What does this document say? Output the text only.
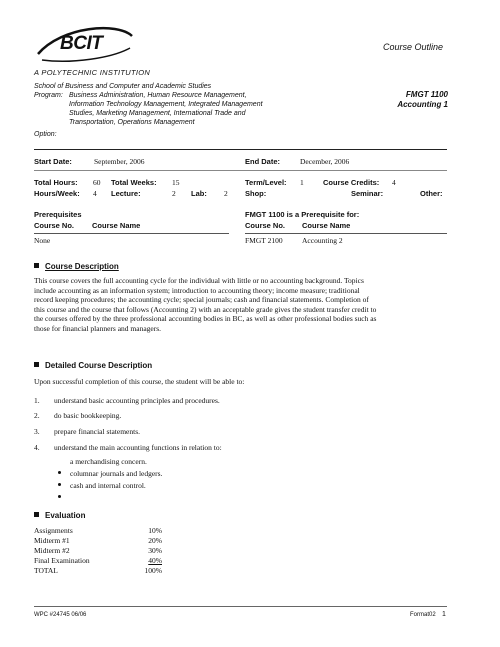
BCIT	Course Outline
A POLYTECHNIC INSTITUTION
School of Business and Computer and Academic Studies
Program: Business Administration, Human Resource Management,
Information Technology Management, Integrated Management
Studies, Marketing Management, International Trade and
Transportation, Operations Management
Option:
FMGT 1100
Accounting 1
Start Date:	September, 2006	End Date:	December, 2006
Total Hours: 60 Total Weeks: 15	Term/Level: 1	Course Credits: 4
Hours/Week: 4 Lecture:	2 Lab: 2 Shop:	Seminar:	Other:
Prerequisites
Course No. Course Name
None
FMGT 1100 is a Prerequisite for:
Course No. Course Name
FMGT 2100	Accounting 2
Course Description
This course covers the full accounting cycle for the individual with little or no accounting background. Topics
include accounting as an information system; introduction to accounting theory; income measure; traditional
record keeping procedures; the accounting cycle; special journals; cash and financial statements. Completion of
this course and the course that follows (Accounting 2) with an acceptable grade gives the student transfer credit to
the courses offered by the three professional accounting bodies in BC, as well as other professional bodies such as
those for financial planners and managers.
Detailed Course Description
Upon successful completion of this course, the student will be able to:
1. understand basic accounting principles and procedures.
2. do basic bookkeeping.
3. prepare financial statements.
4. understand the main accounting functions in relation to:
a merchandising concern.
columnar journals and ledgers.
cash and internal control.
Evaluation
Assignments	10%
Midterm #1	20%
Midterm #2	30%
Final Examination	40%
TOTAL	100%
WPC #24745 06/06	Format02 1
